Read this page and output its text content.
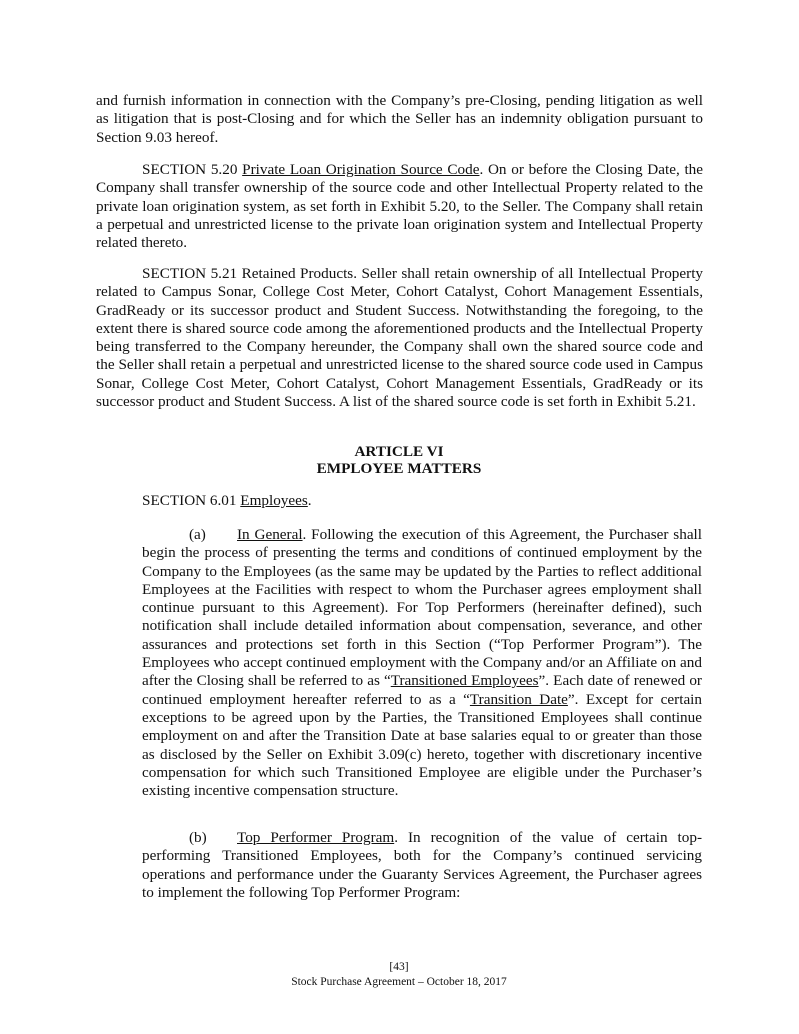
and furnish information in connection with the Company’s pre-Closing, pending litigation as well as litigation that is post-Closing and for which the Seller has an indemnity obligation pursuant to Section 9.03 hereof.

SECTION 5.20 Private Loan Origination Source Code. On or before the Closing Date, the Company shall transfer ownership of the source code and other Intellectual Property related to the private loan origination system, as set forth in Exhibit 5.20, to the Seller. The Company shall retain a perpetual and unrestricted license to the private loan origination system and Intellectual Property related thereto.

SECTION 5.21 Retained Products. Seller shall retain ownership of all Intellectual Property related to Campus Sonar, College Cost Meter, Cohort Catalyst, Cohort Management Essentials, GradReady or its successor product and Student Success. Notwithstanding the foregoing, to the extent there is shared source code among the aforementioned products and the Intellectual Property being transferred to the Company hereunder, the Company shall own the shared source code and the Seller shall retain a perpetual and unrestricted license to the shared source code used in Campus Sonar, College Cost Meter, Cohort Catalyst, Cohort Management Essentials, GradReady or its successor product and Student Success. A list of the shared source code is set forth in Exhibit 5.21.

ARTICLE VI
EMPLOYEE MATTERS

SECTION 6.01 Employees.

(a) In General. Following the execution of this Agreement, the Purchaser shall begin the process of presenting the terms and conditions of continued employment by the Company to the Employees (as the same may be updated by the Parties to reflect additional Employees at the Facilities with respect to whom the Purchaser agrees employment shall continue pursuant to this Agreement). For Top Performers (hereinafter defined), such notification shall include detailed information about compensation, severance, and other assurances and protections set forth in this Section (“Top Performer Program”). The Employees who accept continued employment with the Company and/or an Affiliate on and after the Closing shall be referred to as “Transitioned Employees”. Each date of renewed or continued employment hereafter referred to as a “Transition Date”. Except for certain exceptions to be agreed upon by the Parties, the Transitioned Employees shall continue employment on and after the Transition Date at base salaries equal to or greater than those as disclosed by the Seller on Exhibit 3.09(c) hereto, together with discretionary incentive compensation for which such Transitioned Employee are eligible under the Purchaser’s existing incentive compensation structure.

(b) Top Performer Program. In recognition of the value of certain top-performing Transitioned Employees, both for the Company’s continued servicing operations and performance under the Guaranty Services Agreement, the Purchaser agrees to implement the following Top Performer Program:

[43]
Stock Purchase Agreement – October 18, 2017
